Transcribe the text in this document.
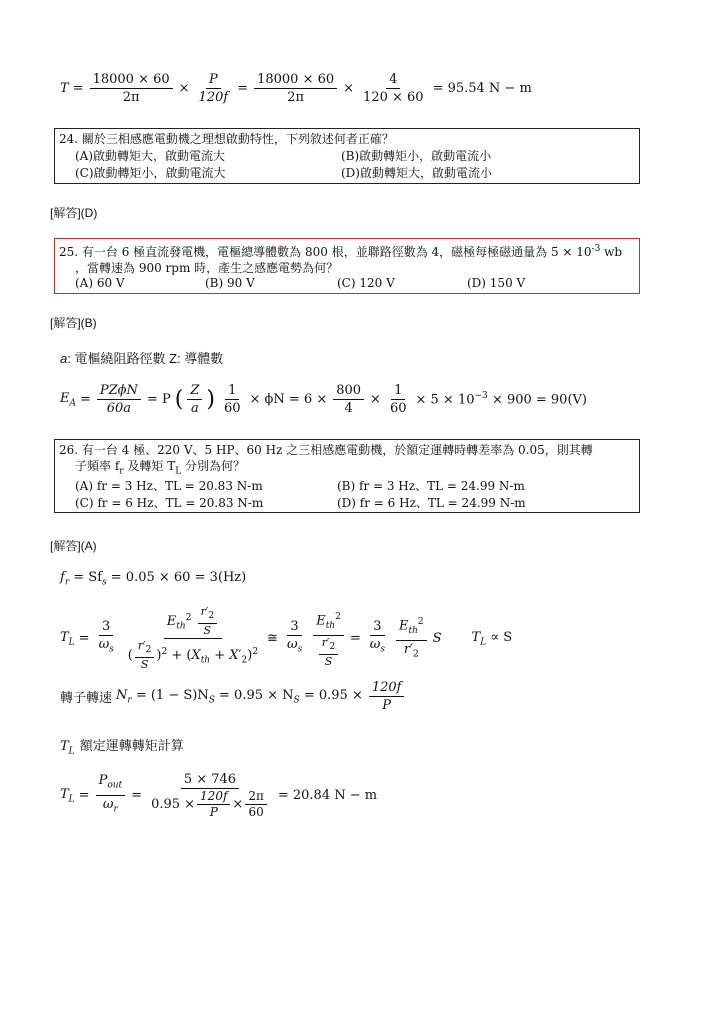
$T = \frac{18000 \times 60}{2\pi} \times \frac{P}{120f} = \frac{18000 \times 60}{2\pi} \times \frac{4}{120 \times 60} = 95.54$ N − m
24. 關於三相感應電動機之理想啟動特性，下列敘述何者正確？
(A)啟動轉矩大，啟動電流大	(B)啟動轉矩小，啟動電流小
(C)啟動轉矩小，啟動電流大	(D)啟動轉矩大，啟動電流小
[解答](D)
25. 有一台 6 極直流發電機，電樞總導體數為 800 根，並聯路徑數為 4，磁極每極磁通量為 $5 \times 10^{-3}$ wb
，當轉速為 900 rpm 時，產生之感應電勢為何？
(A) 60 V	(B) 90 V	(C) 120 V	(D) 150 V
[解答](B)
a: 電樞繞阻路徑數 Z: 導體數
$E_A = \frac{\text{PZϕN}}{60a} = P$ ( $\frac{Z}{a}$ ) $\frac{1}{60} \times \phi N = 6 \times \frac{800}{4} \times \frac{1}{60} \times 5 \times 10^{-3} \times 900 = 90(V)$
26. 有一台 4 極、220 V、5 HP、60 Hz 之三相感應電動機，於額定運轉時轉差率為 0.05，則其轉
子頻率 $f_r$ 及轉矩 $T_L$ 分別為何？
(A) fr = 3 Hz、TL = 20.83 N-m	(B) fr = 3 Hz、TL = 24.99 N-m
(C) fr = 6 Hz、TL = 20.83 N-m	(D) fr = 6 Hz、TL = 24.99 N-m
[解答](A)
$f_r = Sf_s = 0.05 \times 60 = 3(Hz)$
$T_L = \frac{3}{\omega_s} \frac{E_{th}^2 \frac{r'_2}{S}}{( \frac{r'_2}{S} )^2 + (X_{th} + X'_2)^2}$ ≅ $\frac{3}{\omega_s} \frac{E_{th}^2}{\frac{r'_2}{S}} = \frac{3}{\omega_s} \frac{E_{th}^2}{r'_2}$ S $T_L \propto S$
轉子轉速 $N_r = (1 - S)N_S = 0.95 \times N_S = 0.95 \times \frac{120f}{P}$
$T_L$ 額定運轉轉矩計算
$T_L = \frac{P_{out}}{\omega_r} = \frac{5 \times 746}{0.95 \times \frac{120f}{P} \times \frac{2\pi}{60}} = 20.84$ N − m
